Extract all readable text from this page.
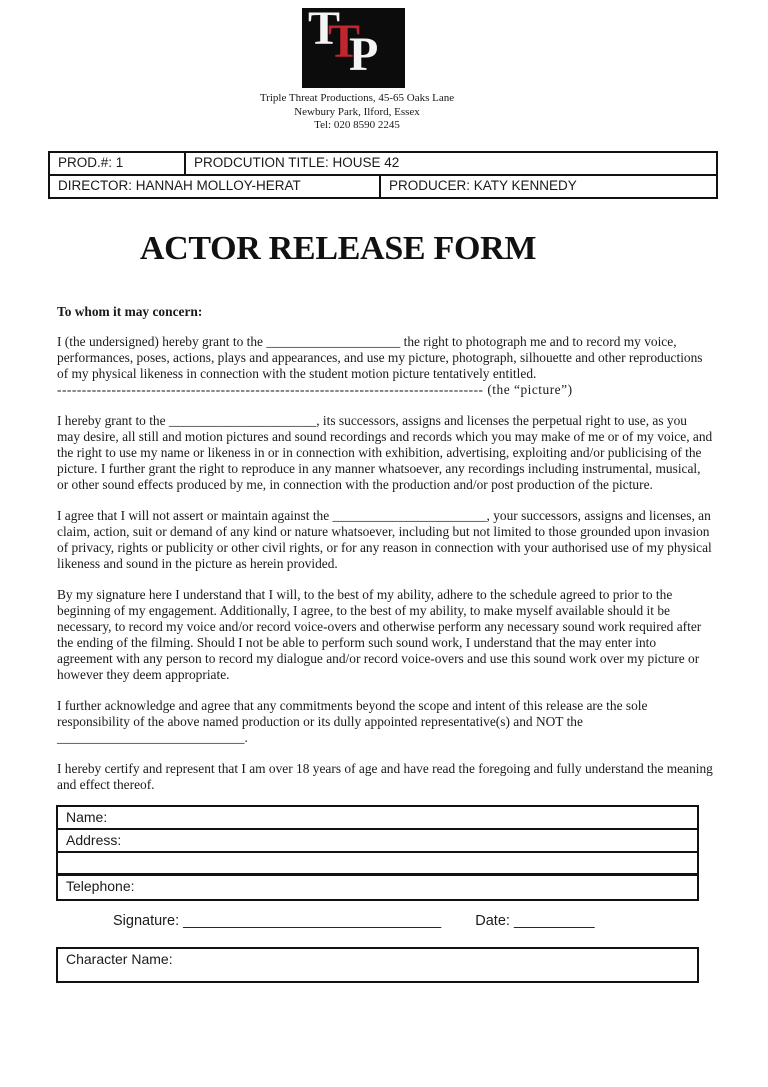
T
T
P
Triple Threat Productions, 45-65 Oaks Lane
Newbury Park, Ilford, Essex
Tel: 020 8590 2245
PROD.#: 1	PRODCUTION TITLE: HOUSE 42
DIRECTOR: HANNAH MOLLOY-HERAT	PRODUCER: KATY KENNEDY
ACTOR RELEASE FORM
To whom it may concern:

I (the undersigned) hereby grant to the ____________________ the right to photograph me and to record my voice, performances, poses, actions, plays and appearances, and use my picture, photograph, silhouette and other reproductions of my physical likeness in connection with the student motion picture tentatively entitled.

-------------------------------------------------------------------------------------- (the “picture”)

I hereby grant to the ______________________, its successors, assigns and licenses the perpetual right to use, as you may desire, all still and motion pictures and sound recordings and records which you may make of me or of my voice, and the right to use my name or likeness in or in connection with exhibition, advertising, exploiting and/or publicising of the picture. I further grant the right to reproduce in any manner whatsoever, any recordings including instrumental, musical, or other sound effects produced by me, in connection with the production and/or post production of the picture.

I agree that I will not assert or maintain against the _______________________, your successors, assigns and licenses, an claim, action, suit or demand of any kind or nature whatsoever, including but not limited to those grounded upon invasion of privacy, rights or publicity or other civil rights, or for any reason in connection with your authorised use of my physical likeness and sound in the picture as herein provided.

By my signature here I understand that I will, to the best of my ability, adhere to the schedule agreed to prior to the beginning of my engagement. Additionally, I agree, to the best of my ability, to make myself available should it be necessary, to record my voice and/or record voice-overs and otherwise perform any necessary sound work required after the ending of the filming. Should I not be able to perform such sound work, I understand that the may enter into agreement with any person to record my dialogue and/or record voice-overs and use this sound work over my picture or however they deem appropriate.

I further acknowledge and agree that any commitments beyond the scope and intent of this release are the sole responsibility of the above named production or its dully appointed representative(s) and NOT the ____________________________.

I hereby certify and represent that I am over 18 years of age and have read the foregoing and fully understand the meaning and effect thereof.

Name:
Address:
Telephone:
Signature: ________________________________ Date: __________
Character Name:
